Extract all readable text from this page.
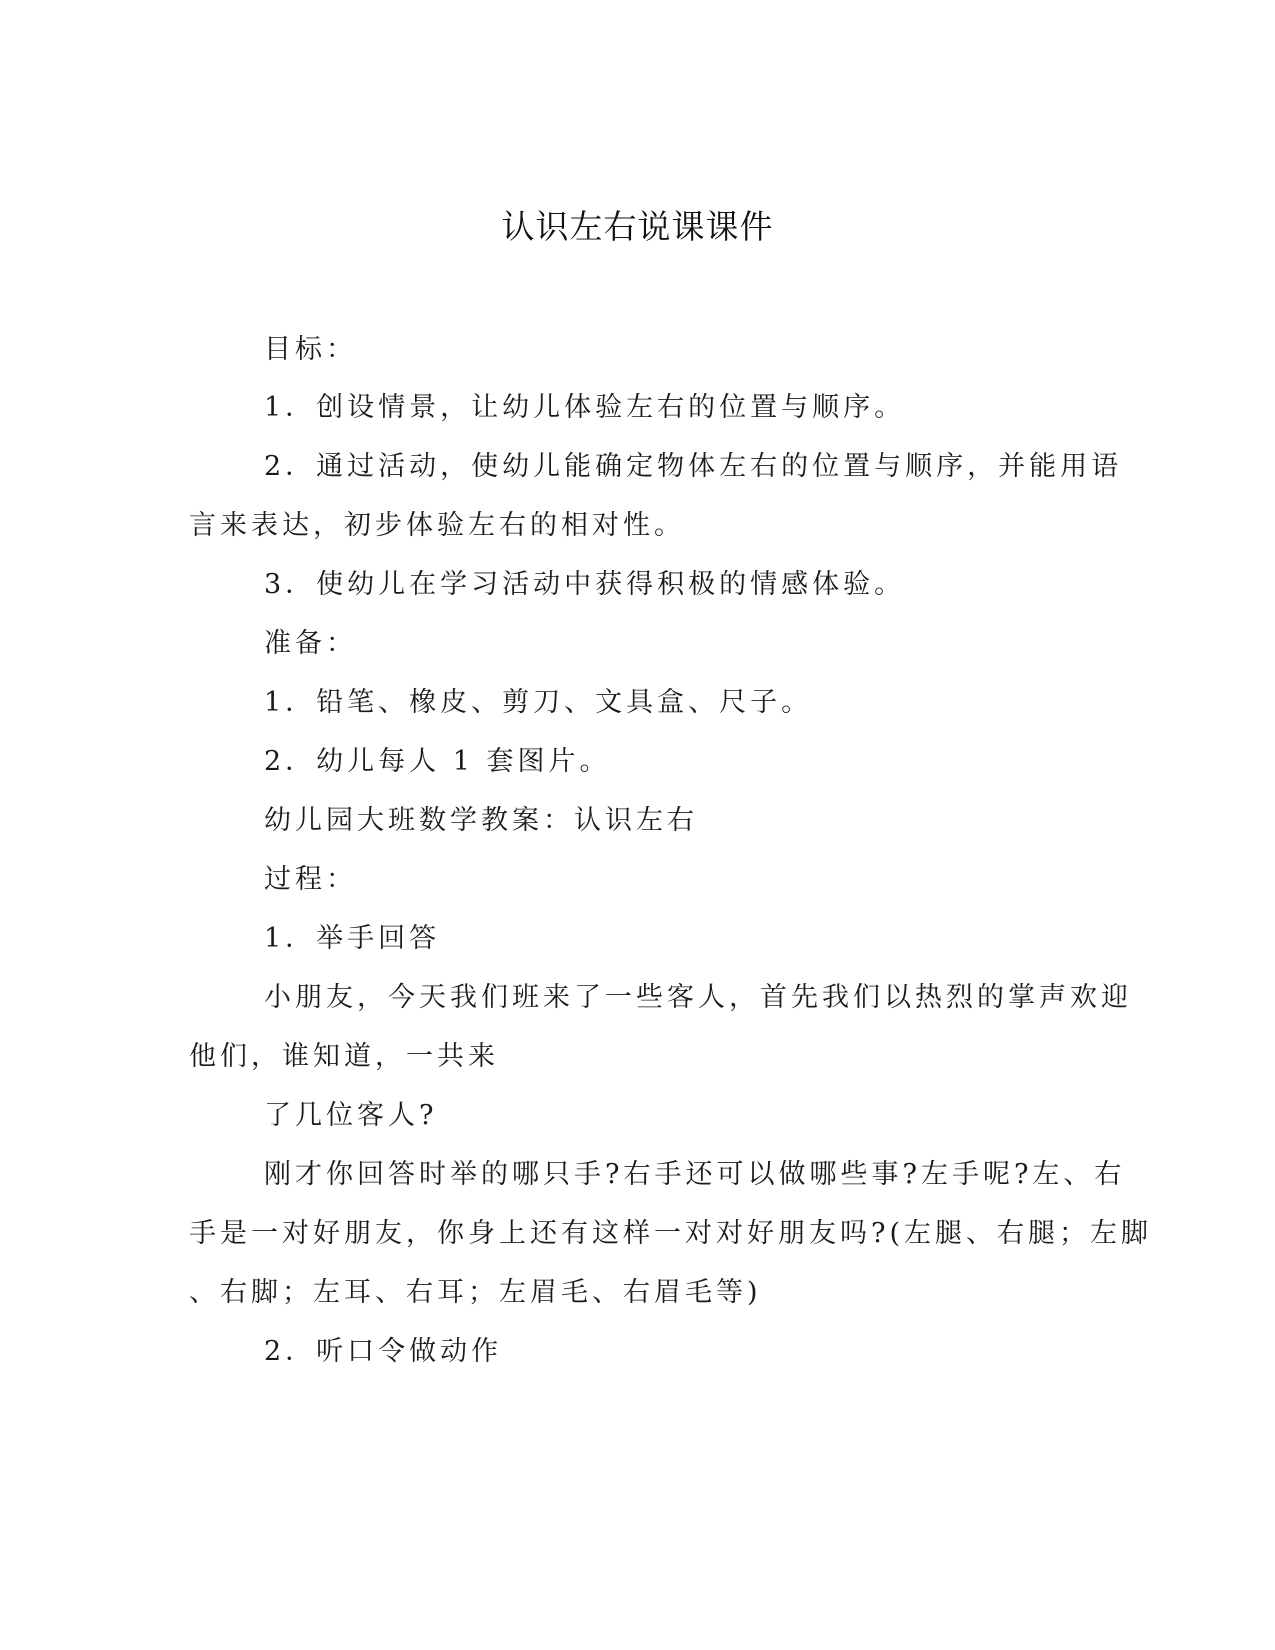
认识左右说课课件
目标：
1．创设情景，让幼儿体验左右的位置与顺序。
2．通过活动，使幼儿能确定物体左右的位置与顺序，并能用语
言来表达，初步体验左右的相对性。
3．使幼儿在学习活动中获得积极的情感体验。
准备：
1．铅笔、橡皮、剪刀、文具盒、尺子。
2．幼儿每人 1 套图片。
幼儿园大班数学教案：认识左右
过程：
1．举手回答
小朋友，今天我们班来了一些客人，首先我们以热烈的掌声欢迎
他们，谁知道，一共来
了几位客人?
刚才你回答时举的哪只手?右手还可以做哪些事?左手呢?左、右
手是一对好朋友，你身上还有这样一对对好朋友吗?(左腿、右腿；左脚
、右脚；左耳、右耳；左眉毛、右眉毛等)
2．听口令做动作
